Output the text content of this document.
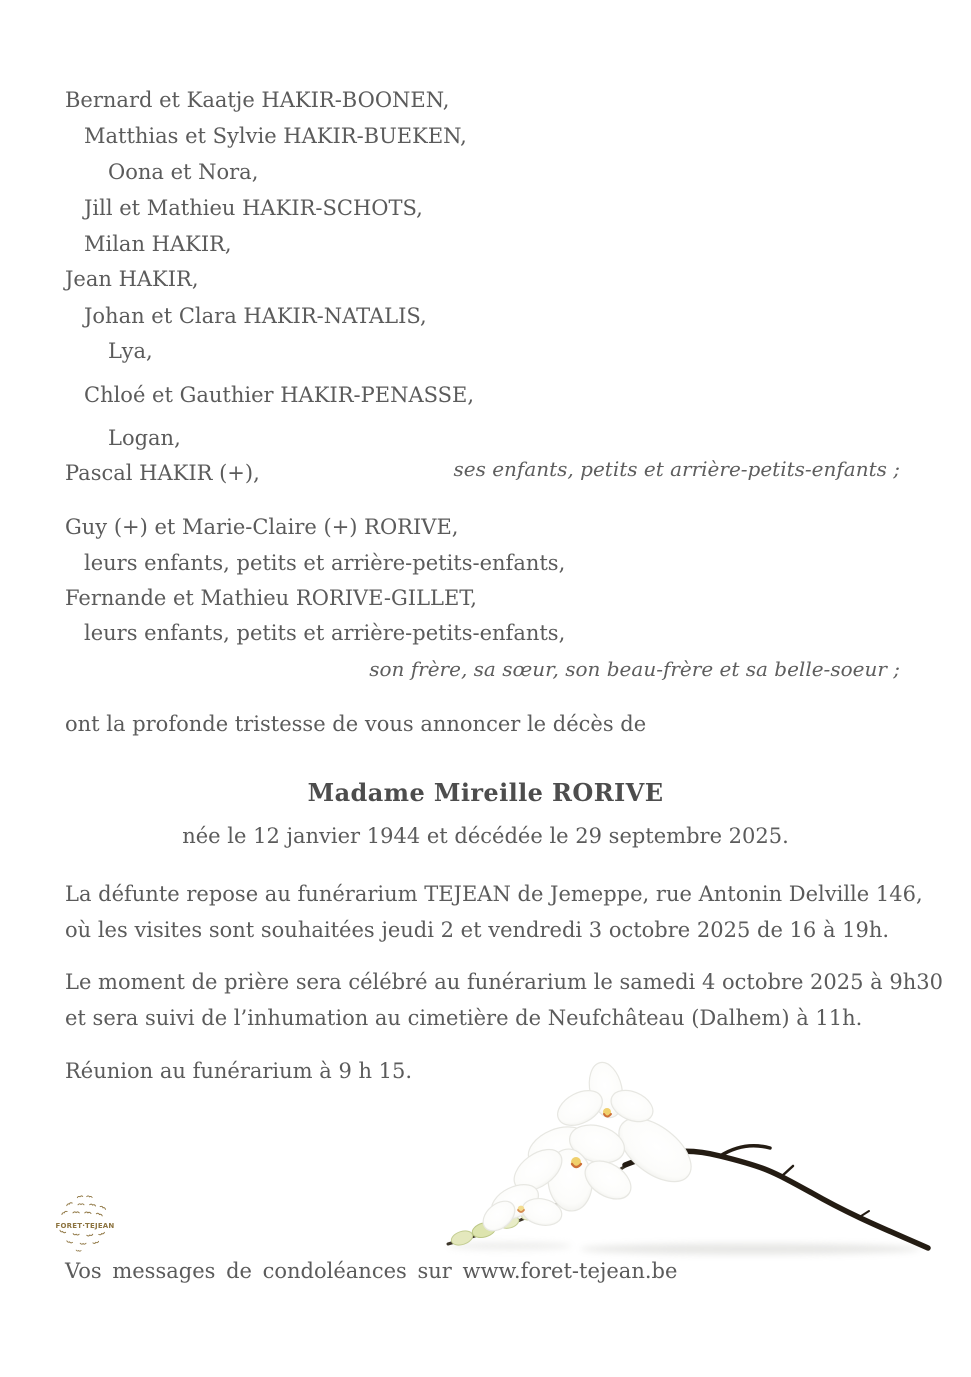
Bernard et Kaatje HAKIR-BOONEN,
Matthias et Sylvie HAKIR-BUEKEN,
Oona et Nora,
Jill et Mathieu HAKIR-SCHOTS,
Milan HAKIR,
Jean HAKIR,
Johan et Clara HAKIR-NATALIS,
Lya,
Chloé et Gauthier HAKIR-PENASSE,
Logan,
Pascal HAKIR (+),	ses enfants, petits et arrière-petits-enfants ;
Guy (+) et Marie-Claire (+) RORIVE,
leurs enfants, petits et arrière-petits-enfants,
Fernande et Mathieu RORIVE-GILLET,
leurs enfants, petits et arrière-petits-enfants,
son frère, sa sœur, son beau-frère et sa belle-soeur ;
ont la profonde tristesse de vous annoncer le décès de
Madame Mireille RORIVE
née le 12 janvier 1944 et décédée le 29 septembre 2025.
La défunte repose au funérarium TEJEAN de Jemeppe, rue Antonin Delville 146,
où les visites sont souhaitées jeudi 2 et vendredi 3 octobre 2025 de 16 à 19h.
Le moment de prière sera célébré au funérarium le samedi 4 octobre 2025 à 9h30
et sera suivi de l’inhumation au cimetière de Neufchâteau (Dalhem) à 11h.
Réunion au funérarium à 9 h 15.
FORET·TEJEAN
Vos messages de condoléances sur www.foret-tejean.be
